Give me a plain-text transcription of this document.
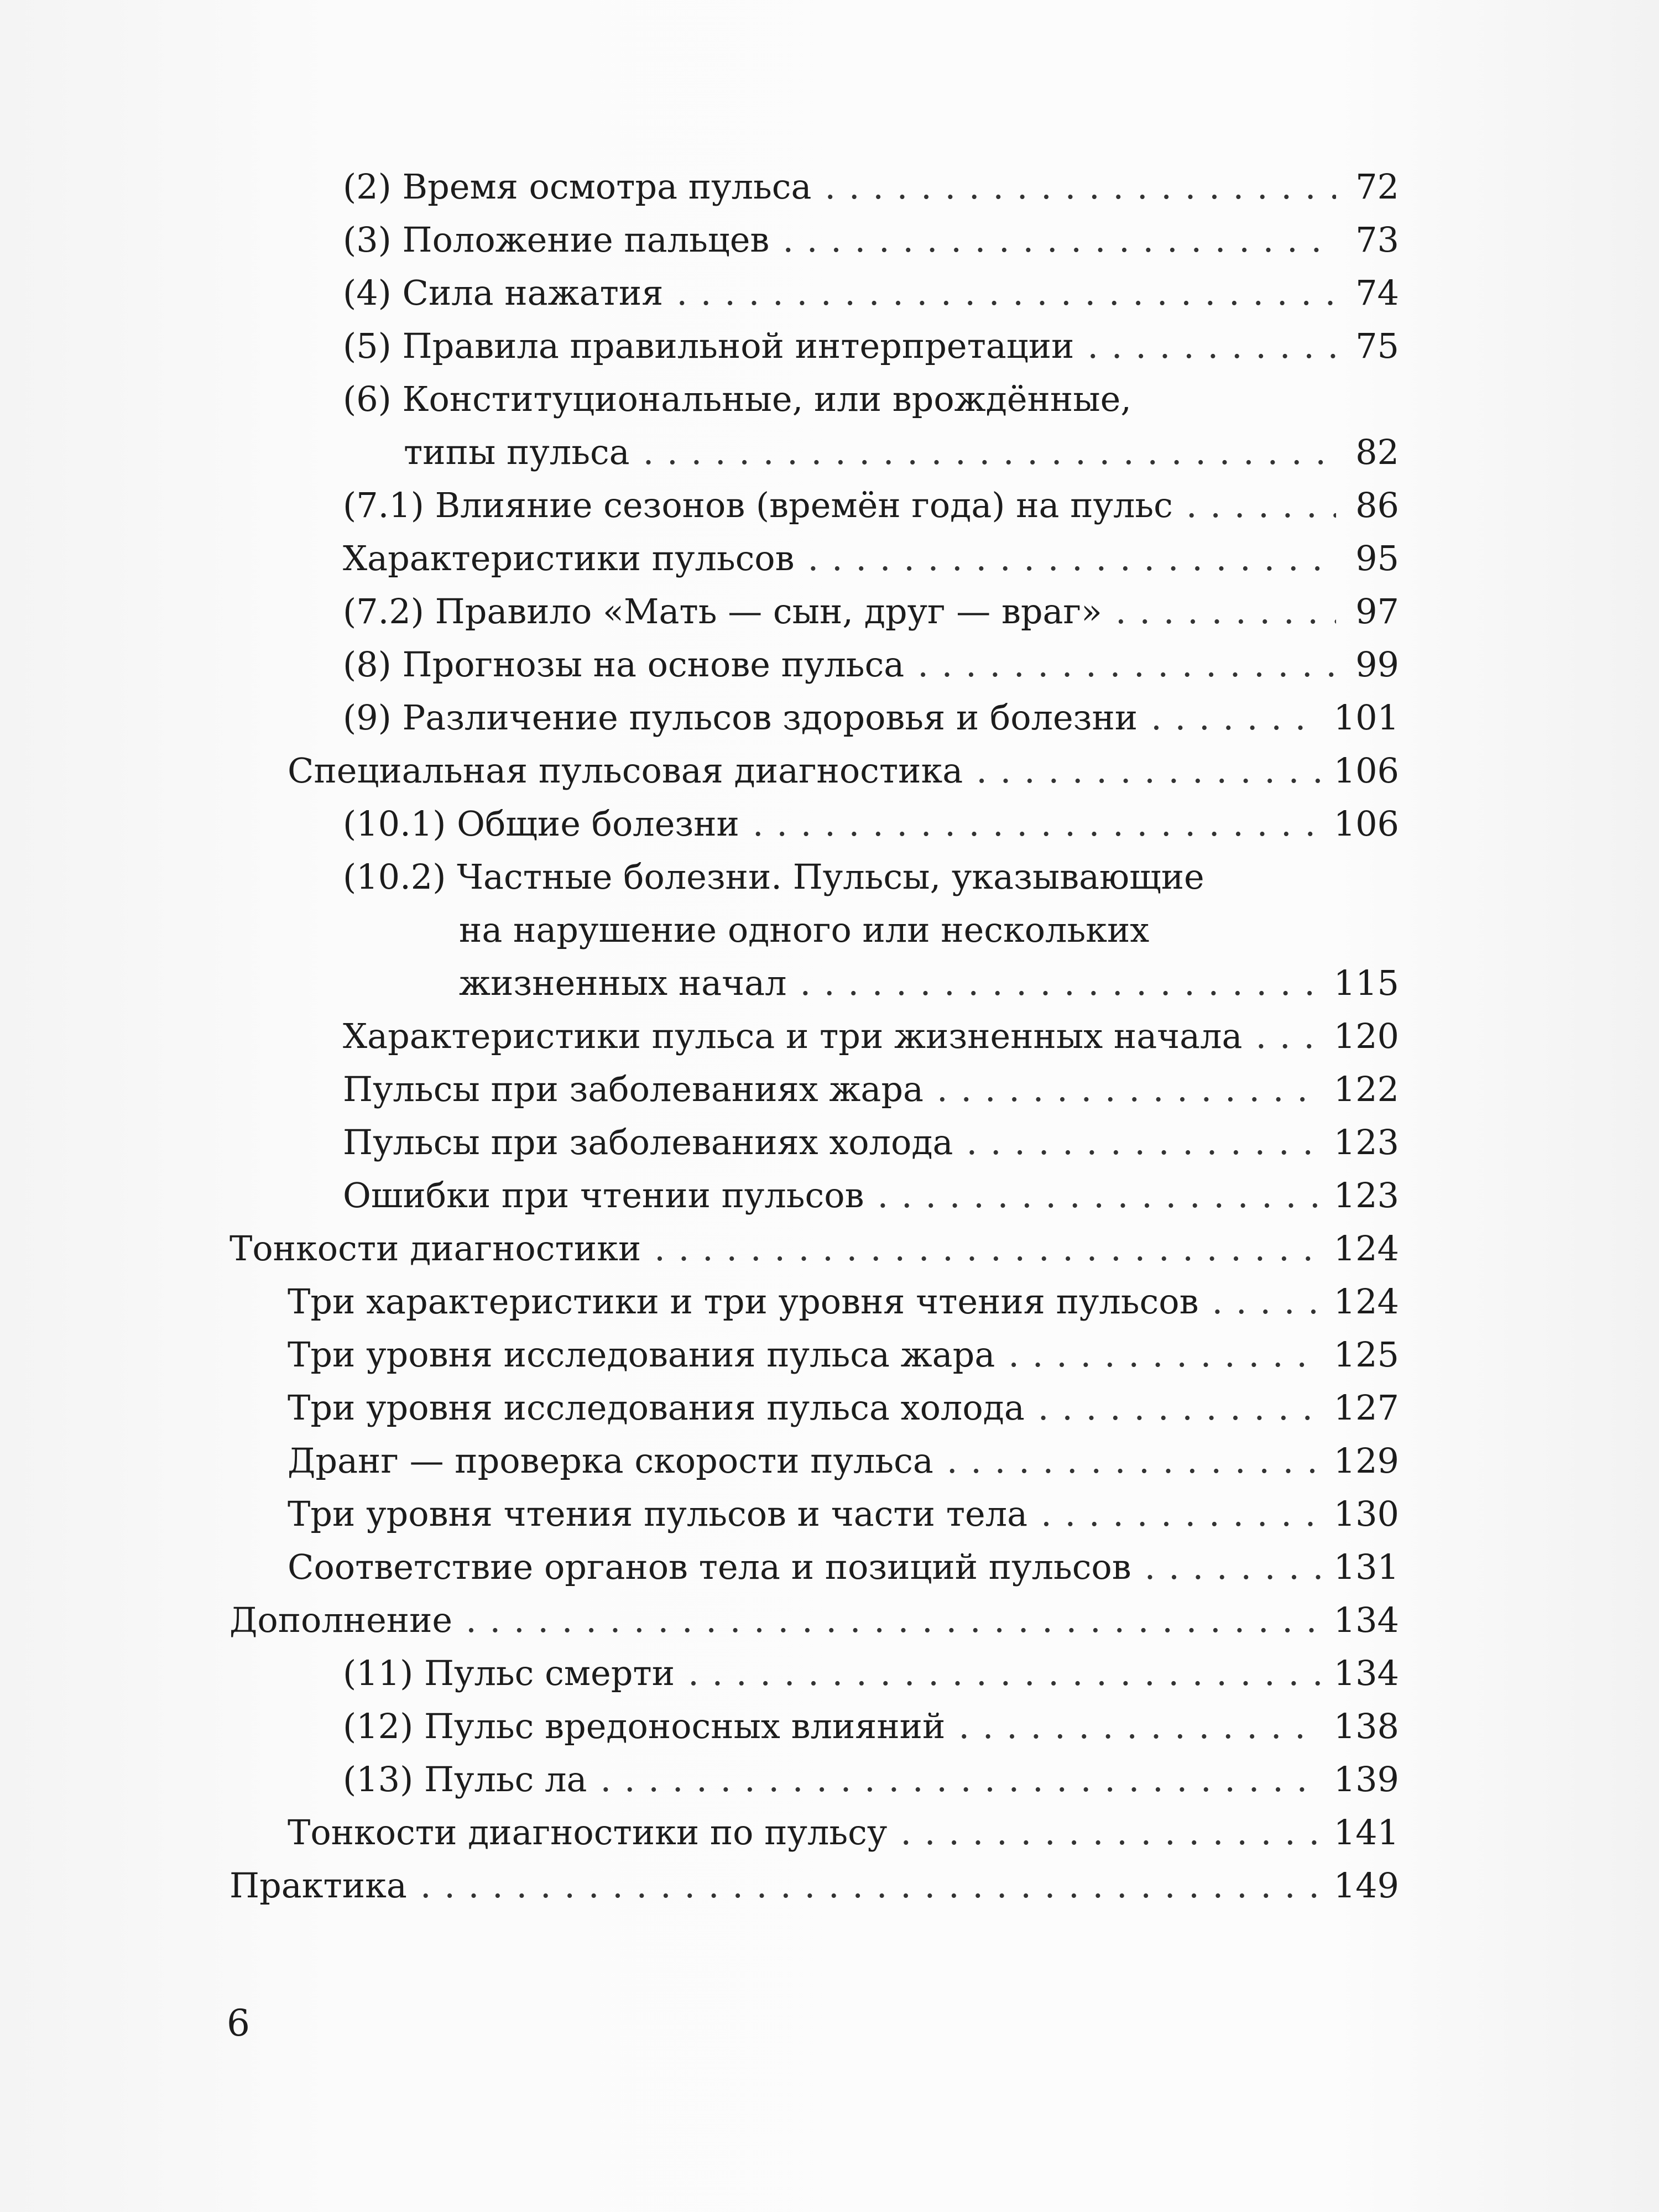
(2) Время осмотра пульса . . .	72
(3) Положение пальцев . . .	73
(4) Сила нажатия . . .	74
(5) Правила правильной интерпретации . . .	75
(6) Конституциональные, или врождённые,
типы пульса . . .	82
(7.1) Влияние сезонов (времён года) на пульс . . .	86
Характеристики пульсов . . .	95
(7.2) Правило «Мать — сын, друг — враг» . . .	97
(8) Прогнозы на основе пульса . . .	99
(9) Различение пульсов здоровья и болезни . . .	101
Специальная пульсовая диагностика . . .	106
(10.1) Общие болезни . . .	106
(10.2) Частные болезни. Пульсы, указывающие
на нарушение одного или нескольких
жизненных начал . . .	115
Характеристики пульса и три жизненных начала . . .	120
Пульсы при заболеваниях жара . . .	122
Пульсы при заболеваниях холода . . .	123
Ошибки при чтении пульсов . . .	123
Тонкости диагностики . . .	124
Три характеристики и три уровня чтения пульсов . . .	124
Три уровня исследования пульса жара . . .	125
Три уровня исследования пульса холода . . .	127
Дранг — проверка скорости пульса . . .	129
Три уровня чтения пульсов и части тела . . .	130
Соответствие органов тела и позиций пульсов . . .	131
Дополнение . . .	134
(11) Пульс смерти . . .	134
(12) Пульс вредоносных влияний . . .	138
(13) Пульс ла . . .	139
Тонкости диагностики по пульсу . . .	141
Практика . . .	149
6
